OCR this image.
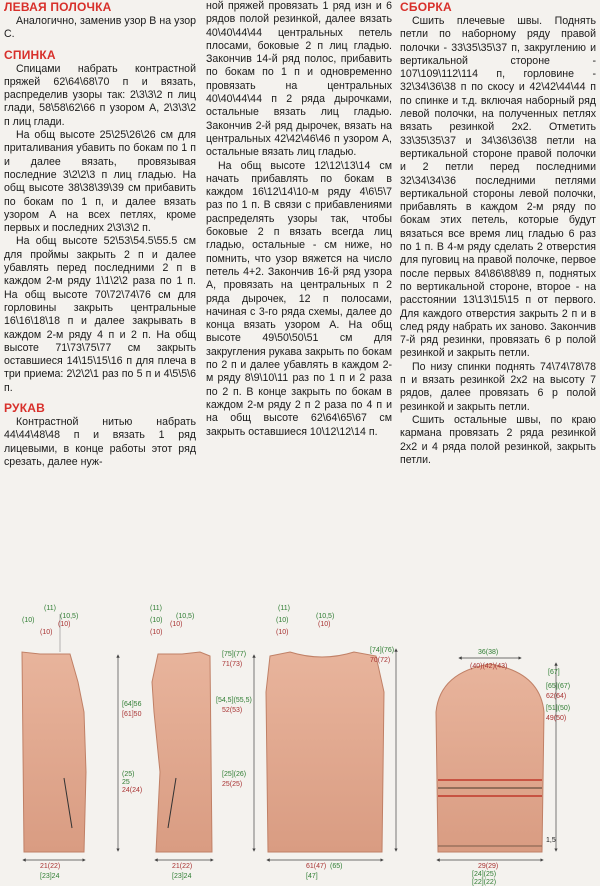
ЛЕВАЯ ПОЛОЧКА

Аналогично, заменив узор В на узор С.

СПИНКА

Спицами набрать контрастной пряжей 62\64\68\70 п и вязать, распределив узоры так: 2\3\3\2 п лиц глади, 58\58\62\66 п узором А, 2\3\3\2 п лиц глади.

На общ высоте 25\25\26\26 см для приталивания убавить по бокам по 1 п и далее вязать, провязывая последние 3\2\2\3 п лиц гладью. На общ высоте 38\38\39\39 см прибавить по бокам по 1 п, и далее вязать узором А на всех петлях, кроме первых и последних 2\3\3\2 п.

На общ высоте 52\53\54.5\55.5 см для проймы закрыть 2 п и далее убавлять перед последними 2 п в каждом 2-м ряду 1\1\2\2 раза по 1 п. На общ высоте 70\72\74\76 см для горловины закрыть центральные 16\16\18\18 п и далее закрывать в каждом 2-м ряду 4 п и 2 п. На общ высоте 71\73\75\77 см закрыть оставшиеся 14\15\15\16 п для плеча в три приема: 2\2\2\1 раз по 5 п и 4\5\5\6 п.

РУКАВ

Контрастной нитью набрать 44\44\48\48 п и вязать 1 ряд лицевыми, в конце работы этот ряд срезать, далее нуж-

ной пряжей провязать 1 ряд изн и 6 рядов полой резинкой, далее вязать 40\40\44\44 центральных петель плосами, боковые 2 п лиц гладью. Закончив 14-й ряд полос, прибавить по бокам по 1 п и одновременно провязать на центральных 40\40\44\44 п 2 ряда дырочками, остальные вязать лиц гладью. Закончив 2-й ряд дырочек, вязать на центральных 42\42\46\46 п узором А, остальные вязать лиц гладью.

На общ высоте 12\12\13\14 см начать прибавлять по бокам в каждом 16\12\14\10-м ряду 4\6\5\7 раз по 1 п. В связи с прибавлениями распределять узоры так, чтобы боковые 2 п вязать всегда лиц гладью, остальные - см ниже, но помнить, что узор вяжется на число петель 4+2. Закончив 16-й ряд узора А, провязать на центральных п 2 ряда дырочек, 12 п полосами, начиная с 3-го ряда схемы, далее до конца вязать узором А. На общ высоте 49\50\50\51 см для закругления рукава закрыть по бокам по 2 п и далее убавлять в каждом 2-м ряду 8\9\10\11 раз по 1 п и 2 раза по 2 п. В конце закрыть по бокам в каждом 2-м ряду 2 п 2 раза по 4 п и на общ высоте 62\64\65\67 см закрыть оставшиеся 10\12\12\14 п.

СБОРКА

Сшить плечевые швы. Поднять петли по наборному ряду правой полочки - 33\35\35\37 п, закруглению и вертикальной стороне - 107\109\112\114 п, горловине - 32\34\36\38 п по скосу и 42\42\44\44 п по спинке и т.д. включая наборный ряд левой полочки, на полученных петлях вязать резинкой 2х2. Отметить 33\35\35\37 и 34\36\36\38 петли на вертикальной стороне правой полочки и 2 петли перед последними 32\34\34\36 последними петлями вертикальной стороны левой полочки, прибавлять в каждом 2-м ряду по бокам этих петель, которые будут вязаться все время лиц гладью 6 раз по 1 п. В 4-м ряду сделать 2 отверстия для пуговиц на правой полочке, первое после первых 84\86\88\89 п, поднятых по вертикальной стороне, второе - на расстоянии 13\13\15\15 п от первого. Для каждого отверстия закрыть 2 п и в след ряду набрать их заново. Закончив 7-й ряд резинки, провязать 6 р полой резинкой и закрыть петли.

По низу спинки поднять 74\74\78\78 п и вязать резинкой 2х2 на высоту 7 рядов, далее провязать 6 р полой резинкой и закрыть петли.

Сшить остальные швы, по краю кармана провязать 2 ряда резинкой 2х2 и 4 ряда полой резинкой, закрыть петли.

(11)
(10,5)
(10)
(10)
(10)
[64]56
[61]50
(25)
25
24(24)
21(22)
[23]24
(11)
(10,5)
(10)
(10)
(10)
21(22)
[23]24
(11)
(10,5)
(10)
(10)
(10)
[75](77)
71(73)
[54,5](55,5)
52(53)
[25](26)
25(25)
[74](76)
70(72)
61(47) (65)
[47]
36(38)
(40)(42)(43)
[67]
[65](67)
62(64)
[51](50)
49(50)
1,5
29(29)
[24](25)
[22](22)
